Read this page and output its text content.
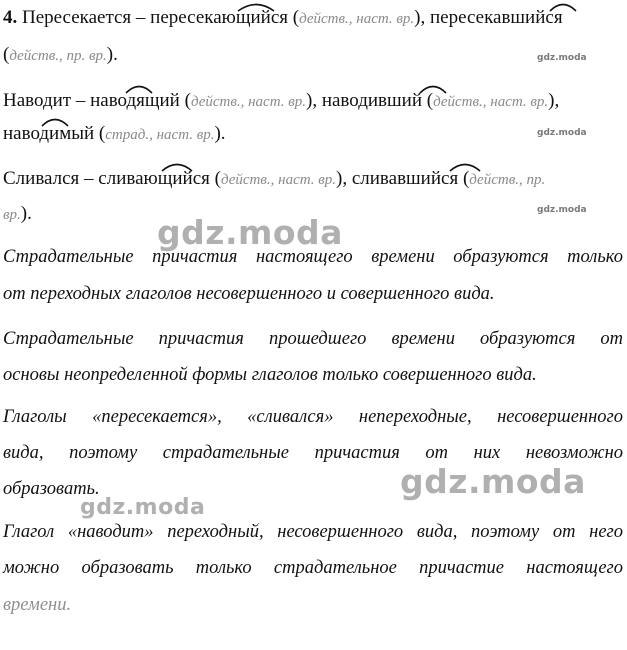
4. Пересекается – пересекающийся (действ., наст. вр.), пересекавшийся
(действ., пр. вр.).
Наводит – наводящий (действ., наст. вр.), наводивший (действ., наст. вр.),
наводимый (страд., наст. вр.).
Сливался – сливающийся (действ., наст. вр.), сливавшийся (действ., пр.
вр.).
gdz.moda
gdz.moda
gdz.moda
gdz.moda
gdz.moda
gdz.moda
Страдательные причастия настоящего времени образуются только
от переходных глаголов несовершенного и совершенного вида.
Страдательные причастия прошедшего времени образуются от
основы неопределенной формы глаголов только совершенного вида.
Глаголы «пересекается», «сливался» непереходные, несовершенного
вида, поэтому страдательные причастия от них невозможно
образовать.
Глагол «наводит» переходный, несовершенного вида, поэтому от него
можно образовать только страдательное причастие настоящего
времени.
